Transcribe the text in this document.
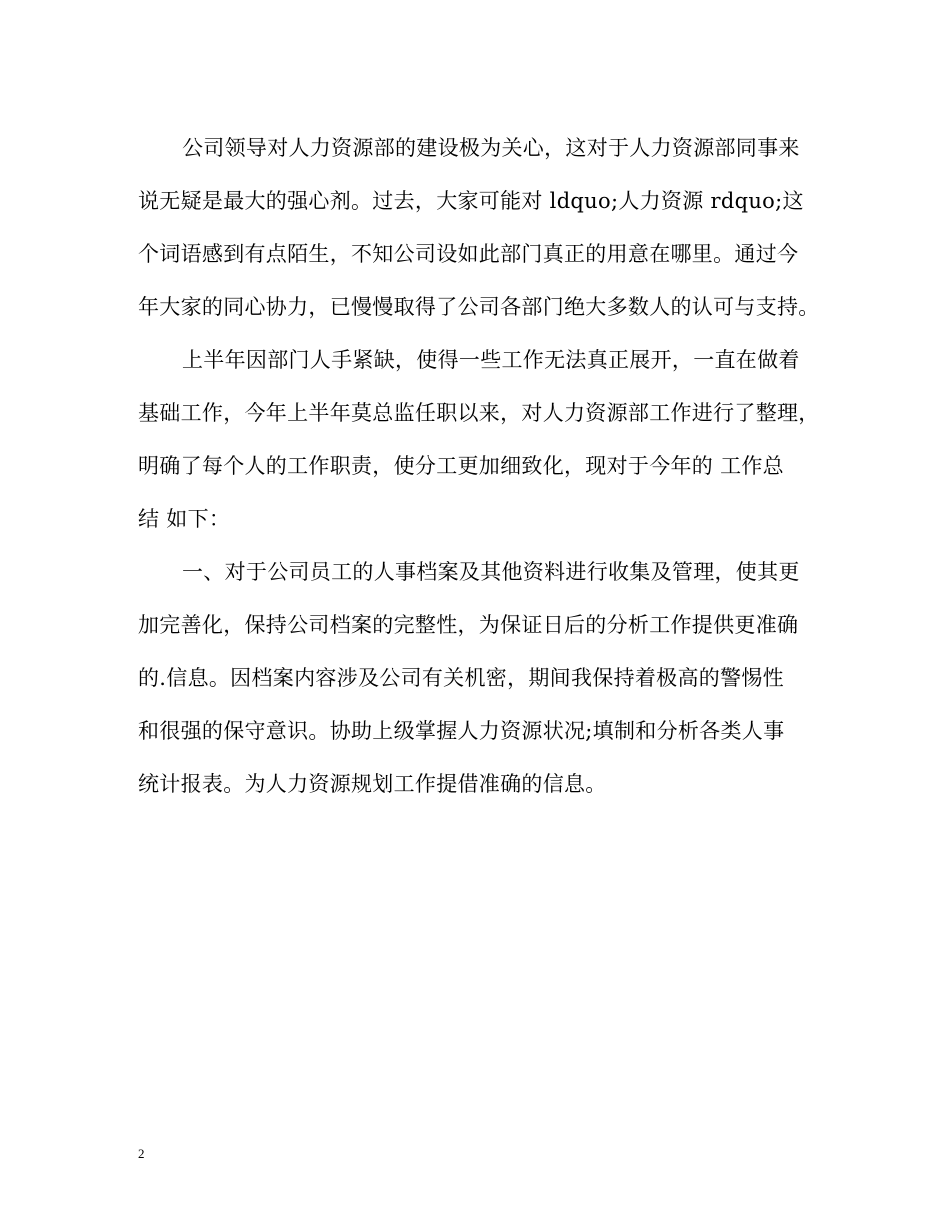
公司领导对人力资源部的建设极为关心，这对于人力资源部同事来
说无疑是最大的强心剂。过去，大家可能对 ldquo;人力资源 rdquo;这
个词语感到有点陌生，不知公司设如此部门真正的用意在哪里。通过今
年大家的同心协力，已慢慢取得了公司各部门绝大多数人的认可与支持。
上半年因部门人手紧缺，使得一些工作无法真正展开，一直在做着
基础工作，今年上半年莫总监任职以来，对人力资源部工作进行了整理，
明确了每个人的工作职责，使分工更加细致化，现对于今年的 工作总
结 如下：
一、对于公司员工的人事档案及其他资料进行收集及管理，使其更
加完善化，保持公司档案的完整性，为保证日后的分析工作提供更准确
的.信息。因档案内容涉及公司有关机密，期间我保持着极高的警惕性
和很强的保守意识。协助上级掌握人力资源状况;填制和分析各类人事
统计报表。为人力资源规划工作提借准确的信息。
2
